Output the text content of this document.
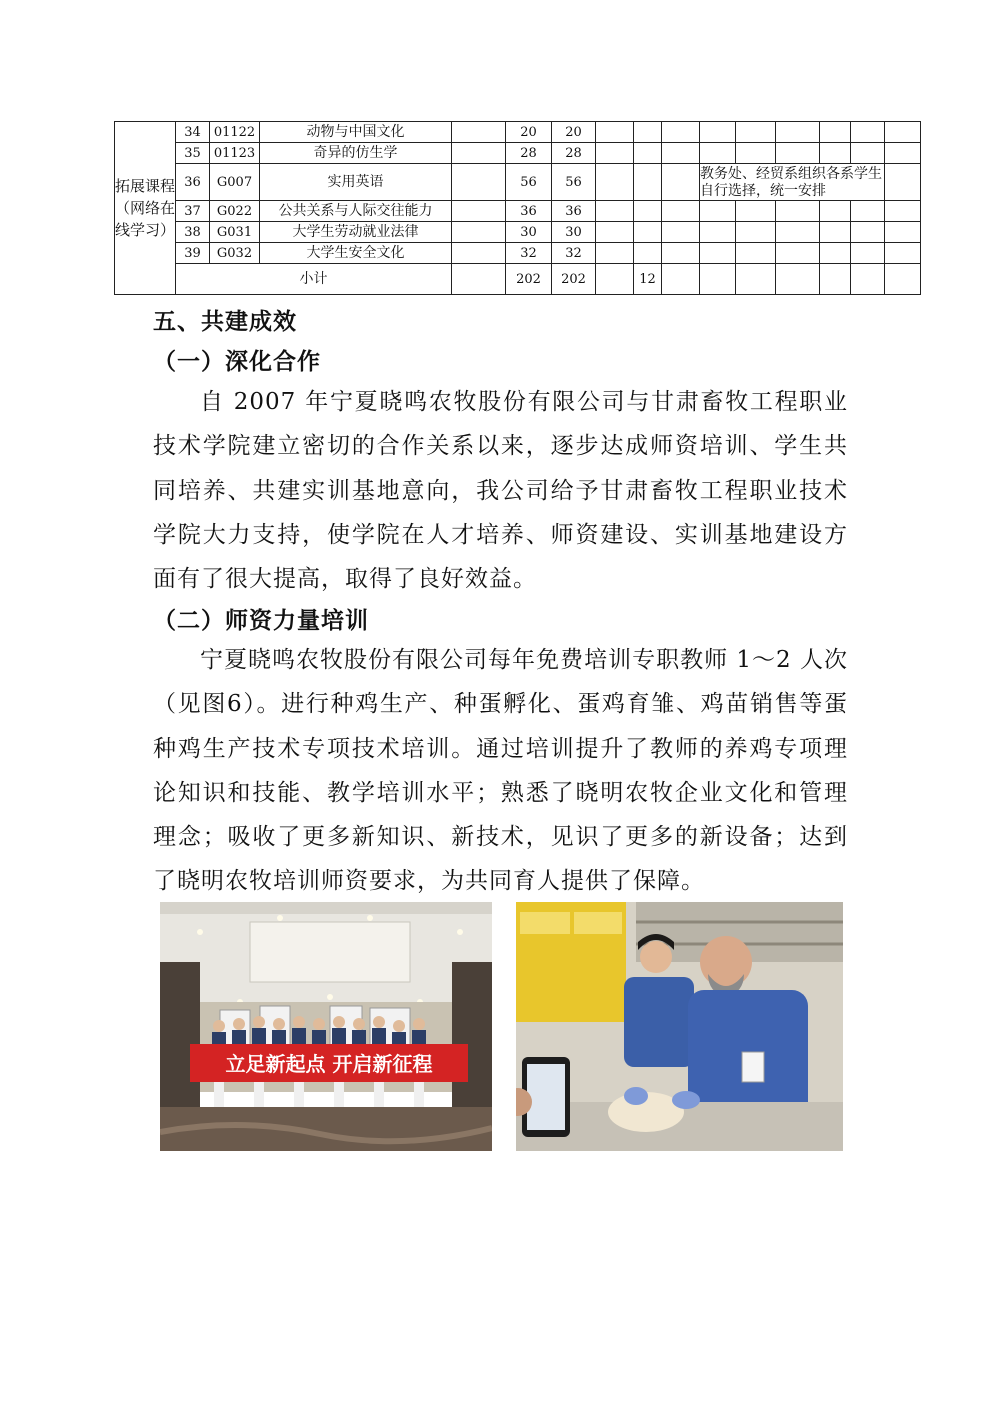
拓展课程（网络在线学习）	34	01122	动物与中国文化		20	20									
	35	01123	奇异的仿生学		28	28									
	36	G007	实用英语		56	56				教务处、经贸系组织各系学生自行选择，统一安排					
	37	G022	公共关系与人际交往能力		36	36									
	38	G031	大学生劳动就业法律		30	30									
	39	G032	大学生安全文化		32	32									
	小计				202	202		12							
五、共建成效
（一）深化合作

自 2007 年宁夏晓鸣农牧股份有限公司与甘肃畜牧工程职业技术学院建立密切的合作关系以来，逐步达成师资培训、学生共同培养、共建实训基地意向，我公司给予甘肃畜牧工程职业技术学院大力支持，使学院在人才培养、师资建设、实训基地建设方面有了很大提高，取得了良好效益。

（二）师资力量培训

宁夏晓鸣农牧股份有限公司每年免费培训专职教师 1～2 人次（见图6）。进行种鸡生产、种蛋孵化、蛋鸡育雏、鸡苗销售等蛋种鸡生产技术专项技术培训。通过培训提升了教师的养鸡专项理论知识和技能、教学培训水平；熟悉了晓明农牧企业文化和管理理念；吸收了更多新知识、新技术，见识了更多的新设备；达到了晓明农牧培训师资要求，为共同育人提供了保障。

立足新起点 开启新征程
